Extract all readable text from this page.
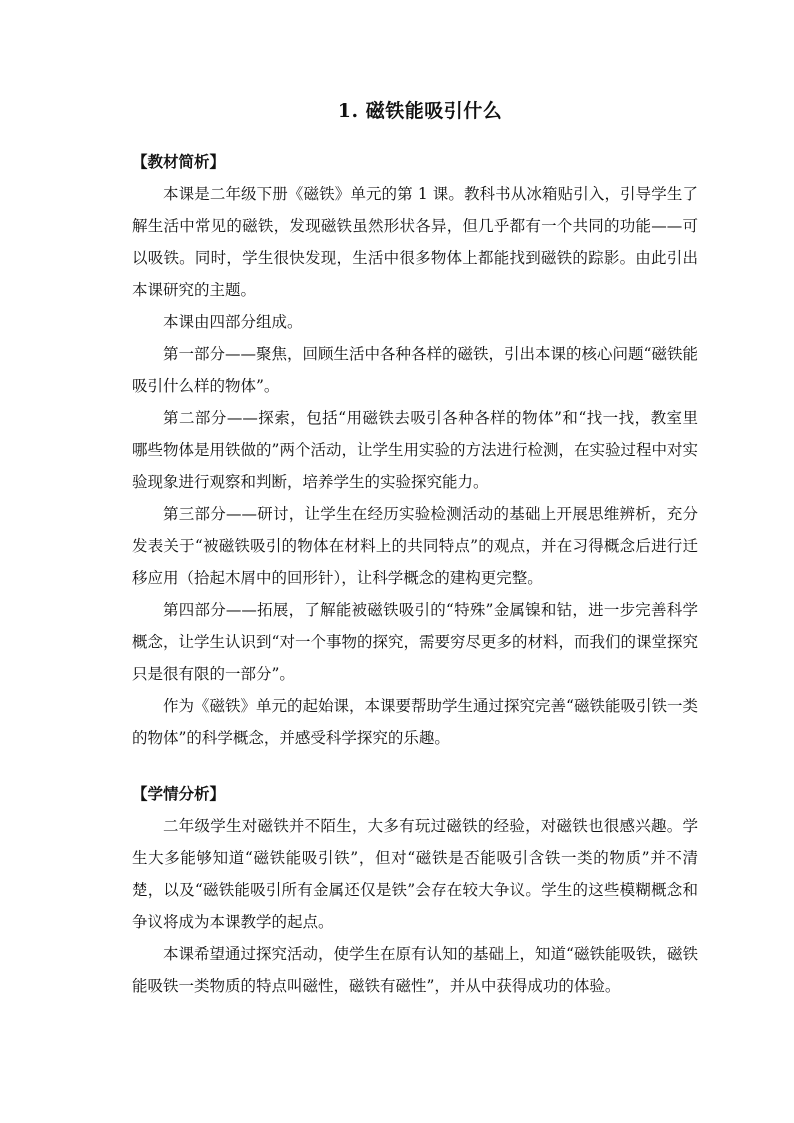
1. 磁铁能吸引什么

【教材简析】

本课是二年级下册《磁铁》单元的第 1 课。教科书从冰箱贴引入，引导学生了解生活中常见的磁铁，发现磁铁虽然形状各异，但几乎都有一个共同的功能——可以吸铁。同时，学生很快发现，生活中很多物体上都能找到磁铁的踪影。由此引出本课研究的主题。

本课由四部分组成。

第一部分——聚焦，回顾生活中各种各样的磁铁，引出本课的核心问题“磁铁能吸引什么样的物体”。

第二部分——探索，包括“用磁铁去吸引各种各样的物体”和“找一找，教室里哪些物体是用铁做的”两个活动，让学生用实验的方法进行检测，在实验过程中对实验现象进行观察和判断，培养学生的实验探究能力。

第三部分——研讨，让学生在经历实验检测活动的基础上开展思维辨析，充分发表关于“被磁铁吸引的物体在材料上的共同特点”的观点，并在习得概念后进行迁移应用（拾起木屑中的回形针），让科学概念的建构更完整。

第四部分——拓展，了解能被磁铁吸引的“特殊”金属镍和钴，进一步完善科学概念，让学生认识到“对一个事物的探究，需要穷尽更多的材料，而我们的课堂探究只是很有限的一部分”。

作为《磁铁》单元的起始课，本课要帮助学生通过探究完善“磁铁能吸引铁一类的物体”的科学概念，并感受科学探究的乐趣。

【学情分析】

二年级学生对磁铁并不陌生，大多有玩过磁铁的经验，对磁铁也很感兴趣。学生大多能够知道“磁铁能吸引铁”，但对“磁铁是否能吸引含铁一类的物质”并不清楚，以及“磁铁能吸引所有金属还仅是铁”会存在较大争议。学生的这些模糊概念和争议将成为本课教学的起点。

本课希望通过探究活动，使学生在原有认知的基础上，知道“磁铁能吸铁，磁铁能吸铁一类物质的特点叫磁性，磁铁有磁性”，并从中获得成功的体验。
